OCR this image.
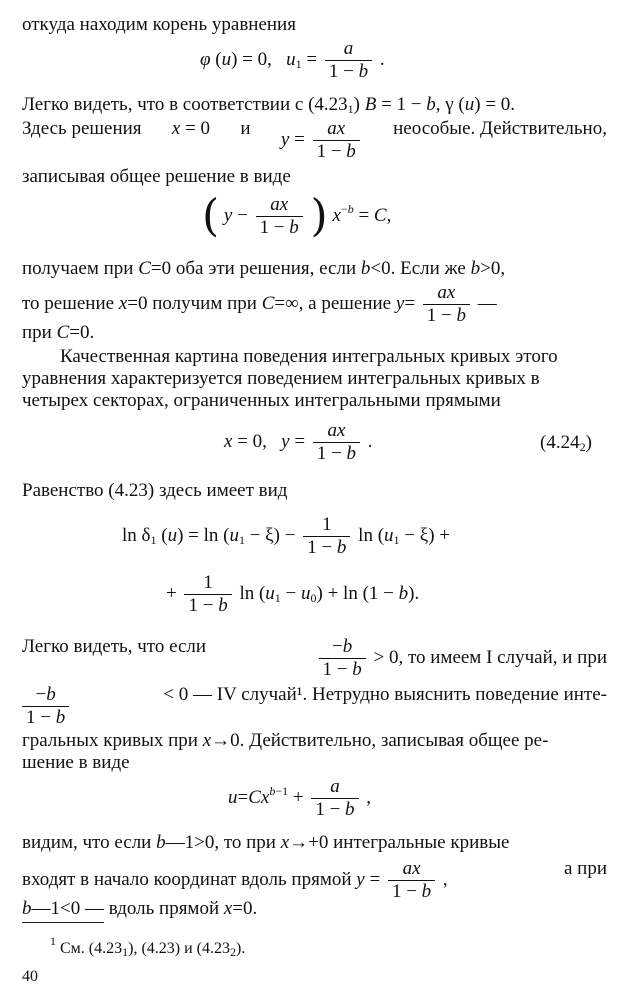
откуда находим корень уравнения
φ (u) = 0,   $u_1 = \frac{a}{1 - b}$ .
Легко видеть, что в соответствии с $(4.23_1) B = 1 - b$, γ (u) = 0.
Здесь решения x = 0 и
$y = \frac{ax}{1 - b}$ неособые. Действительно,
записывая общее решение в виде
( $y - \frac{ax}{1 - b}$ ) $x^{-b} = C$,
получаем при C=0 оба эти решения, если b<0. Если же b>0,
то решение x=0 получим при C=∞, а решение $y= \frac{ax}{1 - b}$ —
при C=0.
Качественная картина поведения интегральных кривых этого
уравнения характеризуется поведением интегральных кривых в
четырех секторах, ограниченных интегральными прямыми
x = 0,   $y = \frac{ax}{1 - b}$ .	$(4.24_2)$
Равенство (4.23) здесь имеет вид
$\ln \delta_1$ $(u) = \ln (u_1 - \xi) - \frac{1}{1 - b}$ $\ln (u_1 - \xi)$ +
+ $\frac{1}{1 - b}$ $\ln (u_1 - u_0) + \ln (1 - b)$.
Легко видеть, что если	$\frac{-b}{1 - b} > 0$, то имеем I случай, и при
$\frac{-b}{1 - b}$	< 0 — IV случай¹. Нетрудно выяснить поведение инте-
гральных кривых при x→0. Действительно, записывая общее ре-
шение в виде
$u=Cx^{b-1} + \frac{a}{1 - b}$ ,
видим, что если b—1>0, то при x→+0 интегральные кривые
входят в начало координат вдоль прямой $y = \frac{ax}{1 - b}$ ,
а при
b—1<0 — вдоль прямой x=0.
$^1$ См. $(4.23_1)$, (4.23) и $(4.23_2)$.
40
